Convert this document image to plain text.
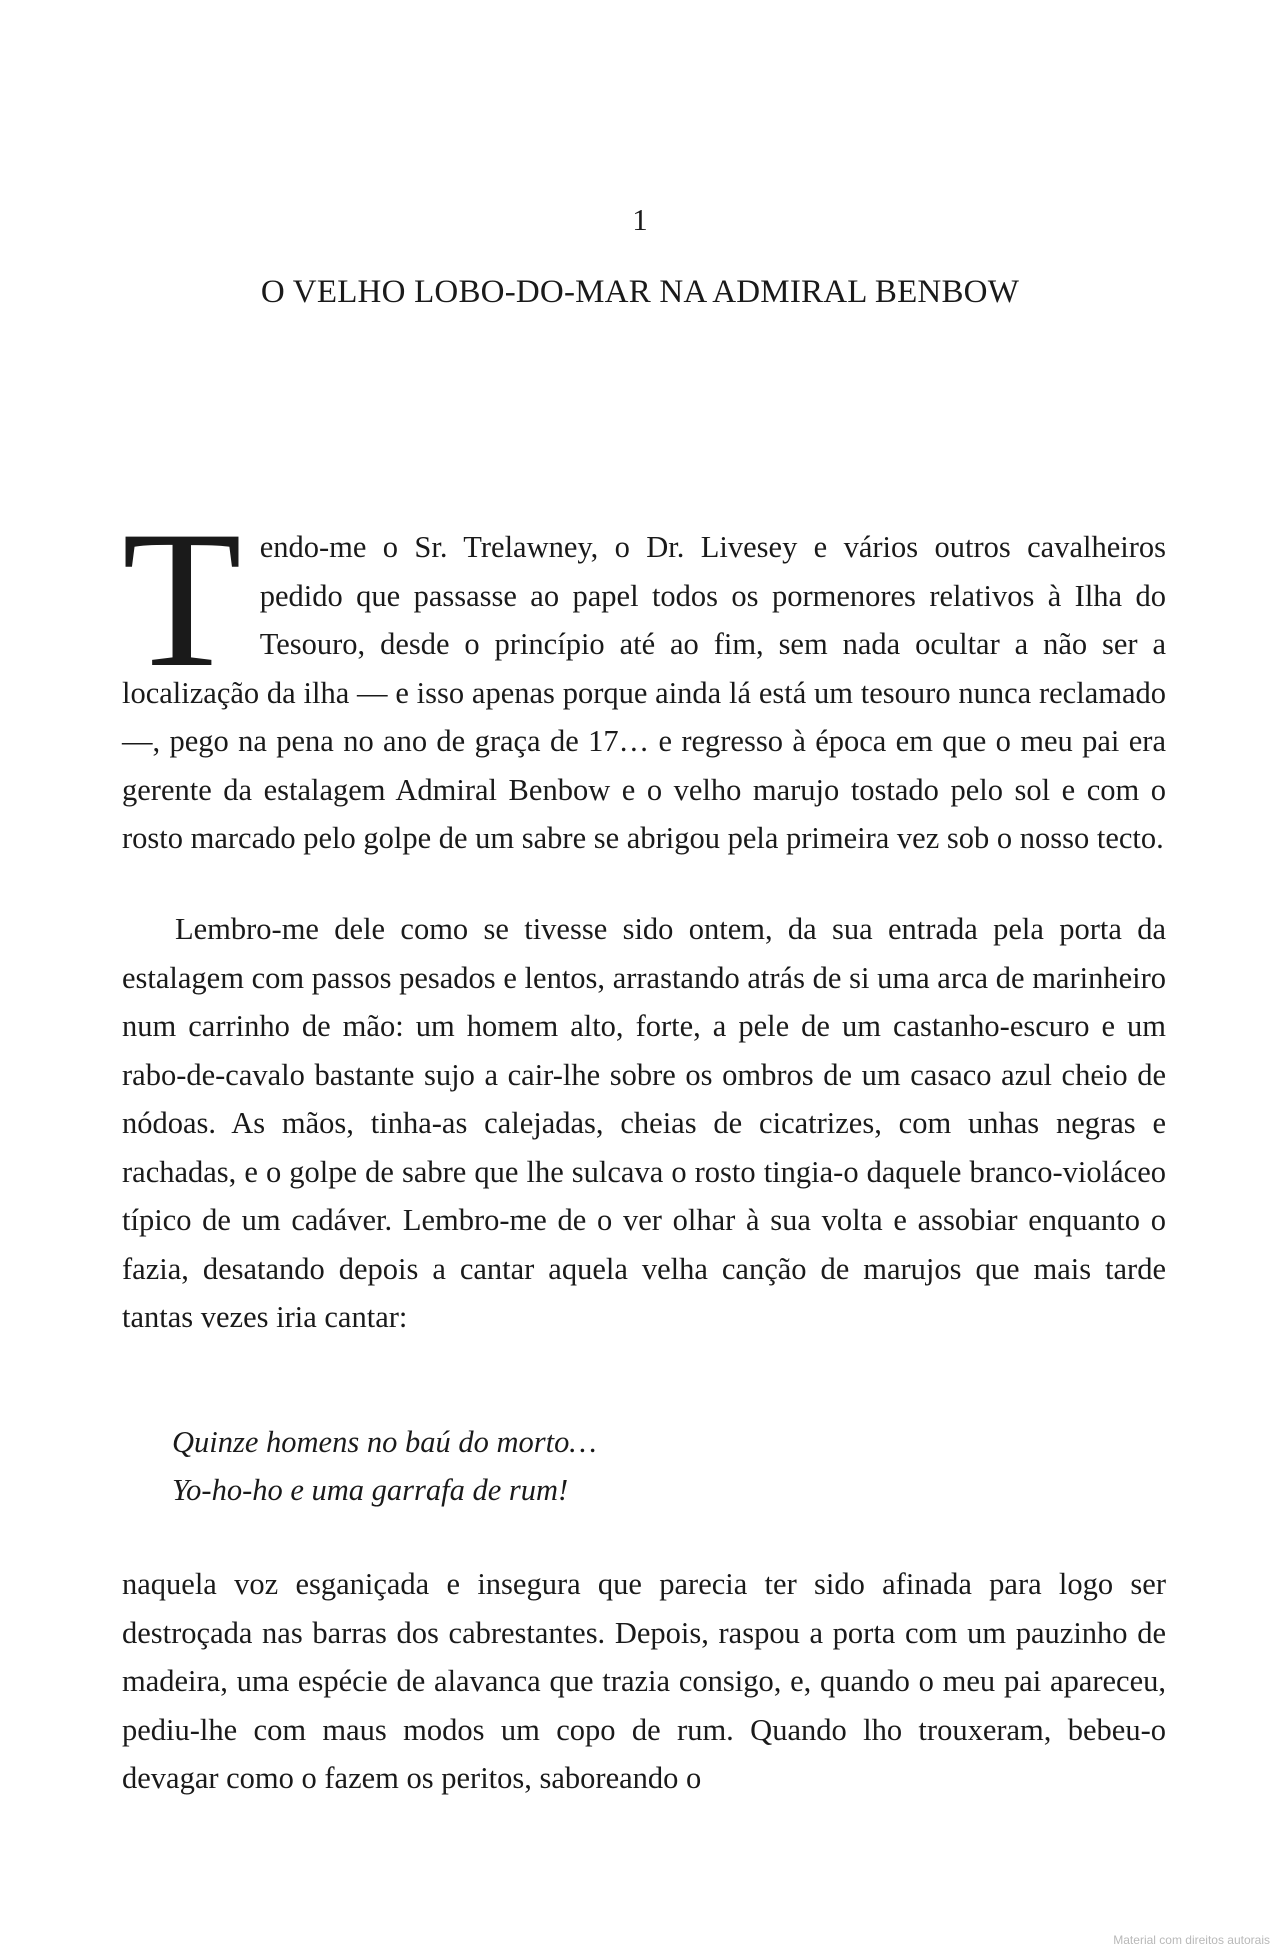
1
O VELHO LOBO-DO-MAR NA ADMIRAL BENBOW
T endo-me o Sr. Trelawney, o Dr. Livesey e vários outros cavalheiros pedido que passasse ao papel todos os pormenores relativos à Ilha do Tesouro, desde o princípio até ao fim, sem nada ocultar a não ser a localização da ilha — e isso apenas porque ainda lá está um tesouro nunca reclamado —, pego na pena no ano de graça de 17… e regresso à época em que o meu pai era gerente da estalagem Admiral Benbow e o velho marujo tostado pelo sol e com o rosto marcado pelo golpe de um sabre se abrigou pela primeira vez sob o nosso tecto.

Lembro-me dele como se tivesse sido ontem, da sua entrada pela porta da estalagem com passos pesados e lentos, arrastando atrás de si uma arca de marinheiro num carrinho de mão: um homem alto, forte, a pele de um castanho-escuro e um rabo-de-cavalo bastante sujo a cair-lhe sobre os ombros de um casaco azul cheio de nódoas. As mãos, tinha-as calejadas, cheias de cicatrizes, com unhas negras e rachadas, e o golpe de sabre que lhe sulcava o rosto tingia-o daquele branco-violáceo típico de um cadáver. Lembro-me de o ver olhar à sua volta e assobiar enquanto o fazia, desatando depois a cantar aquela velha canção de marujos que mais tarde tantas vezes iria cantar:

Quinze homens no baú do morto…
Yo-ho-ho e uma garrafa de rum!

naquela voz esganiçada e insegura que parecia ter sido afinada para logo ser destroçada nas barras dos cabrestantes. Depois, raspou a porta com um pauzinho de madeira, uma espécie de alavanca que trazia consigo, e, quando o meu pai apareceu, pediu-lhe com maus modos um copo de rum. Quando lho trouxeram, bebeu-o devagar como o fazem os peritos, saboreando o

Material com direitos autorais
